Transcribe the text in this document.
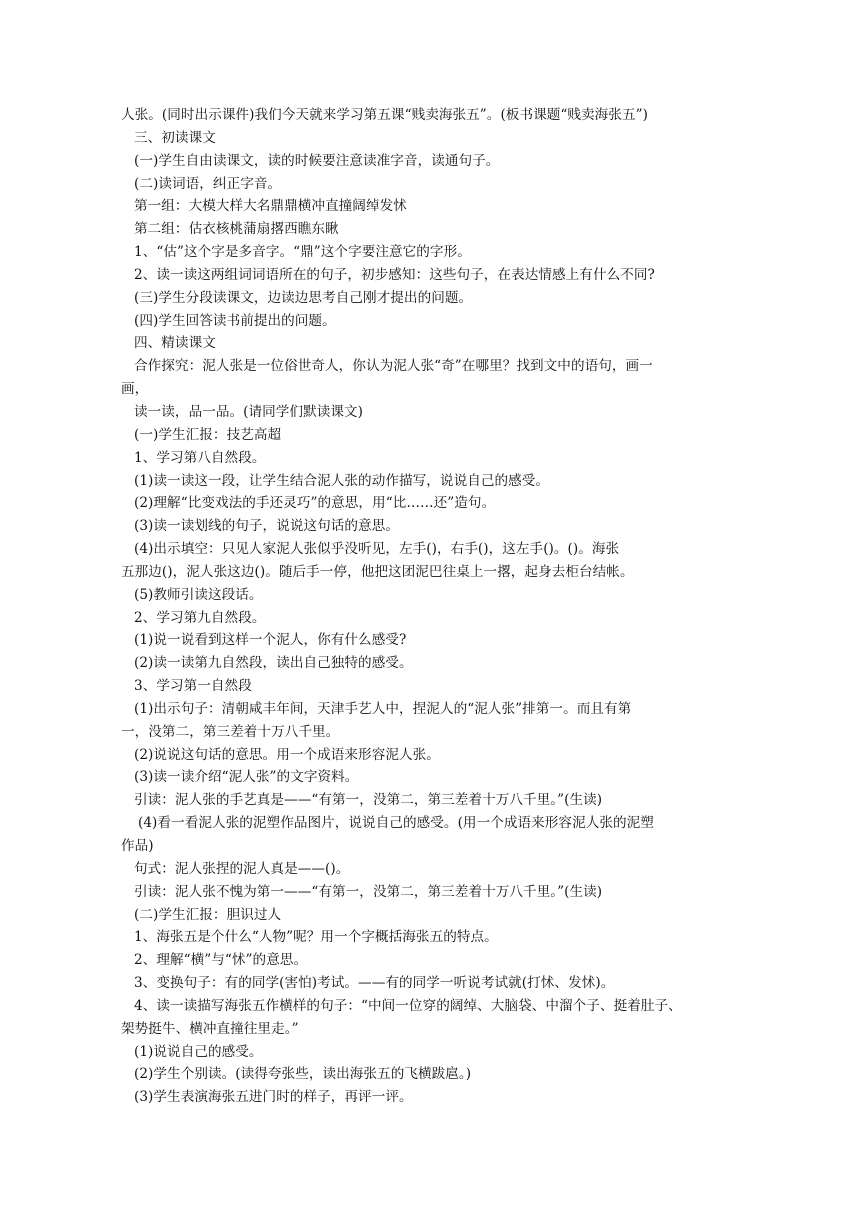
人张。(同时出示课件)我们今天就来学习第五课“贱卖海张五”。(板书课题“贱卖海张五”)
三、初读课文
(一)学生自由读课文，读的时候要注意读准字音，读通句子。
(二)读词语，纠正字音。
第一组：大模大样大名鼎鼎横冲直撞阔绰发怵
第二组：估衣核桃蒲扇撂西瞧东瞅
1、“估”这个字是多音字。“鼎”这个字要注意它的字形。
2、读一读这两组词词语所在的句子，初步感知：这些句子，在表达情感上有什么不同?
(三)学生分段读课文，边读边思考自己刚才提出的问题。
(四)学生回答读书前提出的问题。
四、精读课文
合作探究：泥人张是一位俗世奇人，你认为泥人张“奇”在哪里？找到文中的语句，画一
画，
读一读，品一品。(请同学们默读课文)
(一)学生汇报：技艺高超
1、学习第八自然段。
(1)读一读这一段，让学生结合泥人张的动作描写，说说自己的感受。
(2)理解“比变戏法的手还灵巧”的意思，用“比……还”造句。
(3)读一读划线的句子，说说这句话的意思。
(4)出示填空：只见人家泥人张似乎没听见，左手()，右手()，这左手()。()。海张
五那边()，泥人张这边()。随后手一停，他把这团泥巴往桌上一撂，起身去柜台结帐。
(5)教师引读这段话。
2、学习第九自然段。
(1)说一说看到这样一个泥人，你有什么感受?
(2)读一读第九自然段，读出自己独特的感受。
3、学习第一自然段
(1)出示句子：清朝咸丰年间，天津手艺人中，捏泥人的“泥人张”排第一。而且有第
一，没第二，第三差着十万八千里。
(2)说说这句话的意思。用一个成语来形容泥人张。
(3)读一读介绍“泥人张”的文字资料。
引读：泥人张的手艺真是——“有第一，没第二，第三差着十万八千里。”(生读)
(4)看一看泥人张的泥塑作品图片，说说自己的感受。(用一个成语来形容泥人张的泥塑
作品)
句式：泥人张捏的泥人真是——()。
引读：泥人张不愧为第一——“有第一，没第二，第三差着十万八千里。”(生读)
(二)学生汇报：胆识过人
1、海张五是个什么“人物”呢？用一个字概括海张五的特点。
2、理解“横”与“怵”的意思。
3、变换句子：有的同学(害怕)考试。——有的同学一听说考试就(打怵、发怵)。
4、读一读描写海张五作横样的句子：“中间一位穿的阔绰、大脑袋、中溜个子、挺着肚子、
架势挺牛、横冲直撞往里走。”
(1)说说自己的感受。
(2)学生个别读。(读得夸张些，读出海张五的飞横跋扈。)
(3)学生表演海张五进门时的样子，再评一评。
